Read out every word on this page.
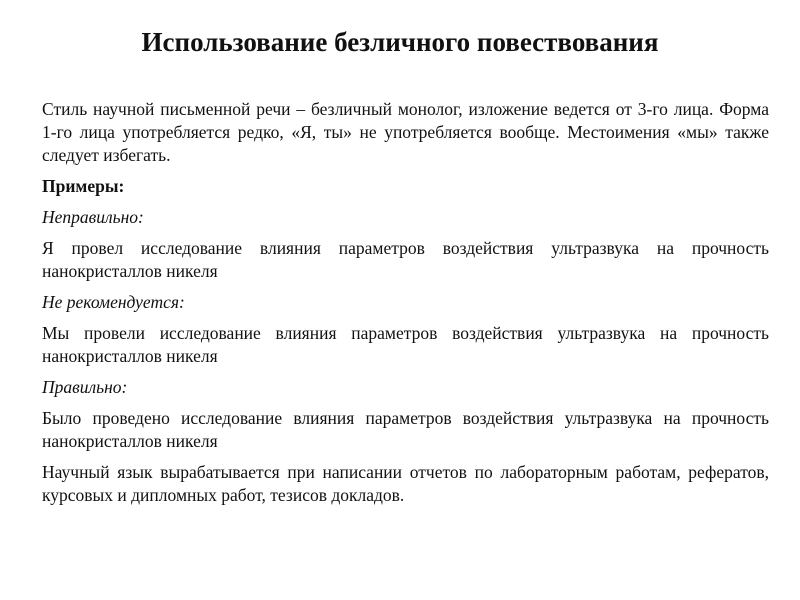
Использование безличного повествования

Стиль научной письменной речи – безличный монолог, изложение ведется от 3-го лица. Форма 1-го лица употребляется редко, «Я, ты» не употребляется вообще. Местоимения «мы» также следует избегать.

Примеры:

Неправильно:

Я провел исследование влияния параметров воздействия ультразвука на прочность нанокристаллов никеля

Не рекомендуется:

Мы провели исследование влияния параметров воздействия ультразвука на прочность нанокристаллов никеля

Правильно:

Было проведено исследование влияния параметров воздействия ультразвука на прочность нанокристаллов никеля

Научный язык вырабатывается при написании отчетов по лабораторным работам, рефератов, курсовых и дипломных работ, тезисов докладов.
